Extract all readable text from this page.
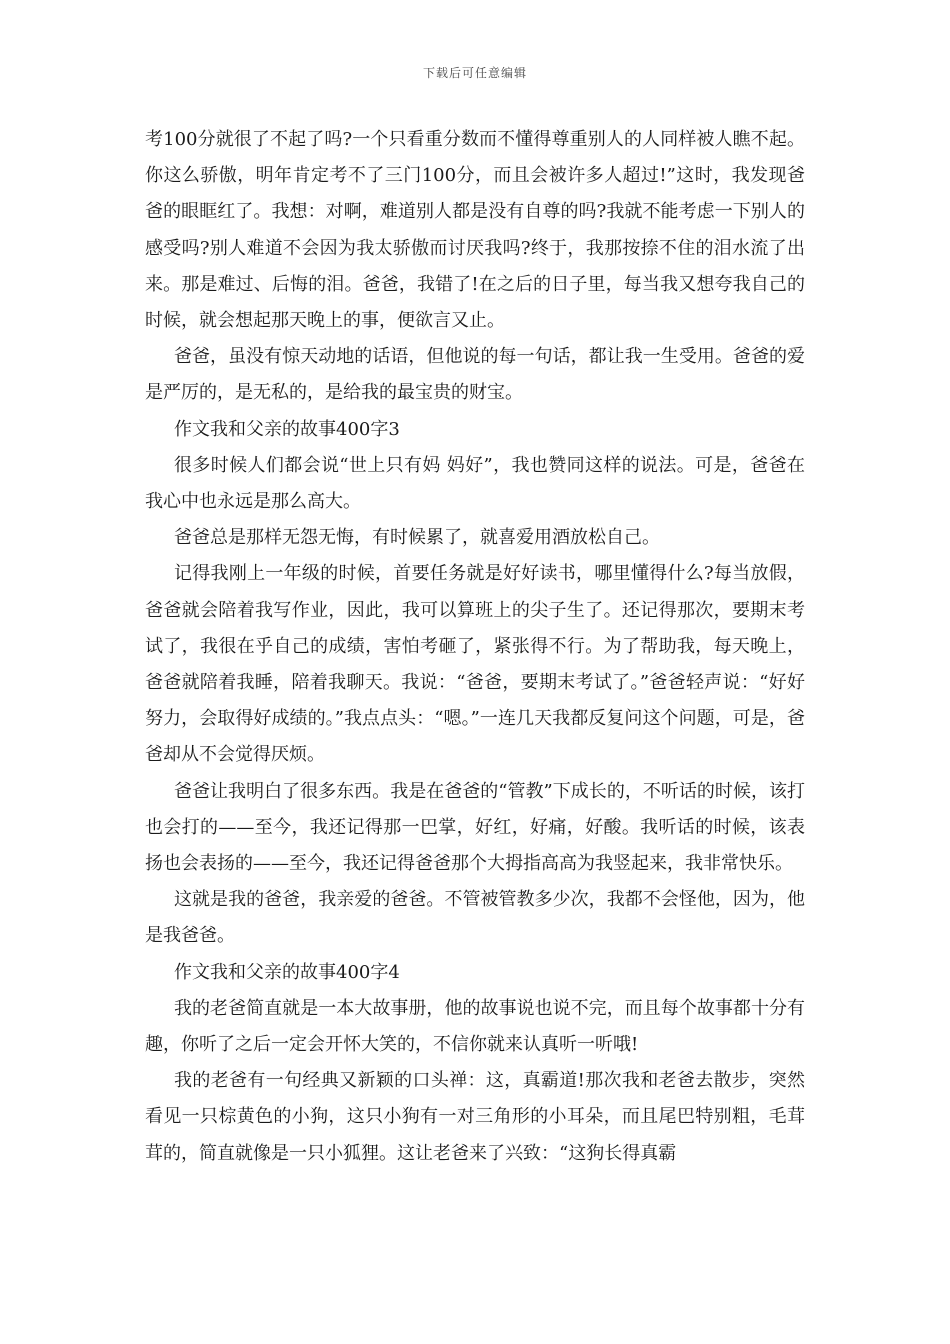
下载后可任意编辑

考100分就很了不起了吗?一个只看重分数而不懂得尊重别人的人同样被人瞧不起。你这么骄傲，明年肯定考不了三门100分，而且会被许多人超过!”这时，我发现爸爸的眼眶红了。我想：对啊，难道别人都是没有自尊的吗?我就不能考虑一下别人的感受吗?别人难道不会因为我太骄傲而讨厌我吗?终于，我那按捺不住的泪水流了出来。那是难过、后悔的泪。爸爸，我错了!在之后的日子里，每当我又想夸我自己的时候，就会想起那天晚上的事，便欲言又止。

爸爸，虽没有惊天动地的话语，但他说的每一句话，都让我一生受用。爸爸的爱是严厉的，是无私的，是给我的最宝贵的财宝。

作文我和父亲的故事400字3

很多时候人们都会说“世上只有妈 妈好”，我也赞同这样的说法。可是，爸爸在我心中也永远是那么高大。

爸爸总是那样无怨无悔，有时候累了，就喜爱用酒放松自己。

记得我刚上一年级的时候，首要任务就是好好读书，哪里懂得什么?每当放假，爸爸就会陪着我写作业，因此，我可以算班上的尖子生了。还记得那次，要期末考试了，我很在乎自己的成绩，害怕考砸了，紧张得不行。为了帮助我，每天晚上，爸爸就陪着我睡，陪着我聊天。我说：“爸爸，要期末考试了。”爸爸轻声说：“好好努力，会取得好成绩的。”我点点头：“嗯。”一连几天我都反复问这个问题，可是，爸爸却从不会觉得厌烦。

爸爸让我明白了很多东西。我是在爸爸的“管教”下成长的，不听话的时候，该打也会打的——至今，我还记得那一巴掌，好红，好痛，好酸。我听话的时候，该表扬也会表扬的——至今，我还记得爸爸那个大拇指高高为我竖起来，我非常快乐。

这就是我的爸爸，我亲爱的爸爸。不管被管教多少次，我都不会怪他，因为，他是我爸爸。

作文我和父亲的故事400字4

我的老爸简直就是一本大故事册，他的故事说也说不完，而且每个故事都十分有趣，你听了之后一定会开怀大笑的，不信你就来认真听一听哦!

我的老爸有一句经典又新颖的口头禅：这，真霸道!那次我和老爸去散步，突然看见一只棕黄色的小狗，这只小狗有一对三角形的小耳朵，而且尾巴特别粗，毛茸茸的，简直就像是一只小狐狸。这让老爸来了兴致：“这狗长得真霸
